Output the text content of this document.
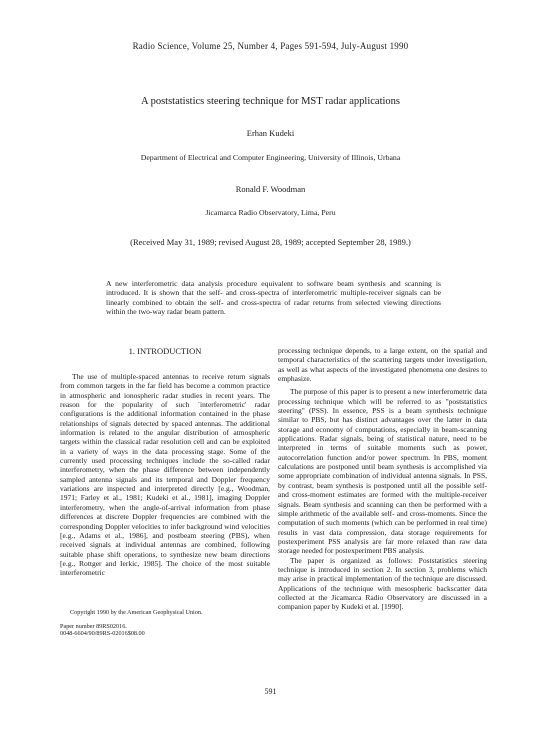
Radio Science, Volume 25, Number 4, Pages 591-594, July-August 1990
A poststatistics steering technique for MST radar applications
Erhan Kudeki
Department of Electrical and Computer Engineering, University of Illinois, Urbana
Ronald F. Woodman
Jicamarca Radio Observatory, Lima, Peru
(Received May 31, 1989; revised August 28, 1989; accepted September 28, 1989.)
A new interferometric data analysis procedure equivalent to software beam synthesis and scanning is introduced. It is shown that the self- and cross-spectra of interferometric multiple-receiver signals can be linearly combined to obtain the self- and cross-spectra of radar returns from selected viewing directions within the two-way radar beam pattern.
1. INTRODUCTION

The use of multiple-spaced antennas to receive return signals from common targets in the far field has become a common practice in atmospheric and ionospheric radar studies in recent years. The reason for the popularity of such `interferometric' radar configurations is the additional information contained in the phase relationships of signals detected by spaced antennas. The additional information is related to the angular distribution of atmospheric targets within the classical radar resolution cell and can be exploited in a variety of ways in the data processing stage. Some of the currently used processing techniques include the so-called radar interferometry, when the phase difference between independently sampled antenna signals and its temporal and Doppler frequency variations are inspected and interpreted directly [e.g., Woodman, 1971; Farley et al., 1981; Kudeki et al., 1981], imaging Doppler interferometry, when the angle-of-arrival information from phase differences at discrete Doppler frequencies are combined with the corresponding Doppler velocities to infer background wind velocities [e.g., Adams et al., 1986], and postbeam steering (PBS), when received signals at individual antennas are combined, following suitable phase shift operations, to synthesize new beam directions [e.g., Rottger and Ierkic, 1985]. The choice of the most suitable interferometric

processing technique depends, to a large extent, on the spatial and temporal characteristics of the scattering targets under investigation, as well as what aspects of the investigated phenomena one desires to emphasize.

The purpose of this paper is to present a new interferometric data processing technique which will be referred to as "poststatistics steering" (PSS). In essence, PSS is a beam synthesis technique similar to PBS, but has distinct advantages over the latter in data storage and economy of computations, especially in beam-scanning applications. Radar signals, being of statistical nature, need to be interpreted in terms of suitable moments such as power, autocorrelation function and/or power spectrum. In PBS, moment calculations are postponed until beam synthesis is accomplished via some appropriate combination of individual antenna signals. In PSS, by contrast, beam synthesis is postponed until all the possible self- and cross-moment estimates are formed with the multiple-receiver signals. Beam synthesis and scanning can then be performed with a simple arithmetic of the available self- and cross-moments. Since the computation of such moments (which can be performed in real time) results in vast data compression, data storage requirements for postexperiment PSS analysis are far more relaxed than raw data storage needed for postexperiment PBS analysis.

The paper is organized as follows: Poststatistics steering technique is introduced in section 2. In section 3, problems which may arise in practical implementation of the technique are discussed. Applications of the technique with mesospheric backscatter data collected at the Jicamarca Radio Observatory are discussed in a companion paper by Kudeki et al. [1990].

Copyright 1990 by the American Geophysical Union.
Paper number 89RS02016.
0048-6604/90/89RS-02016$08.00
591
